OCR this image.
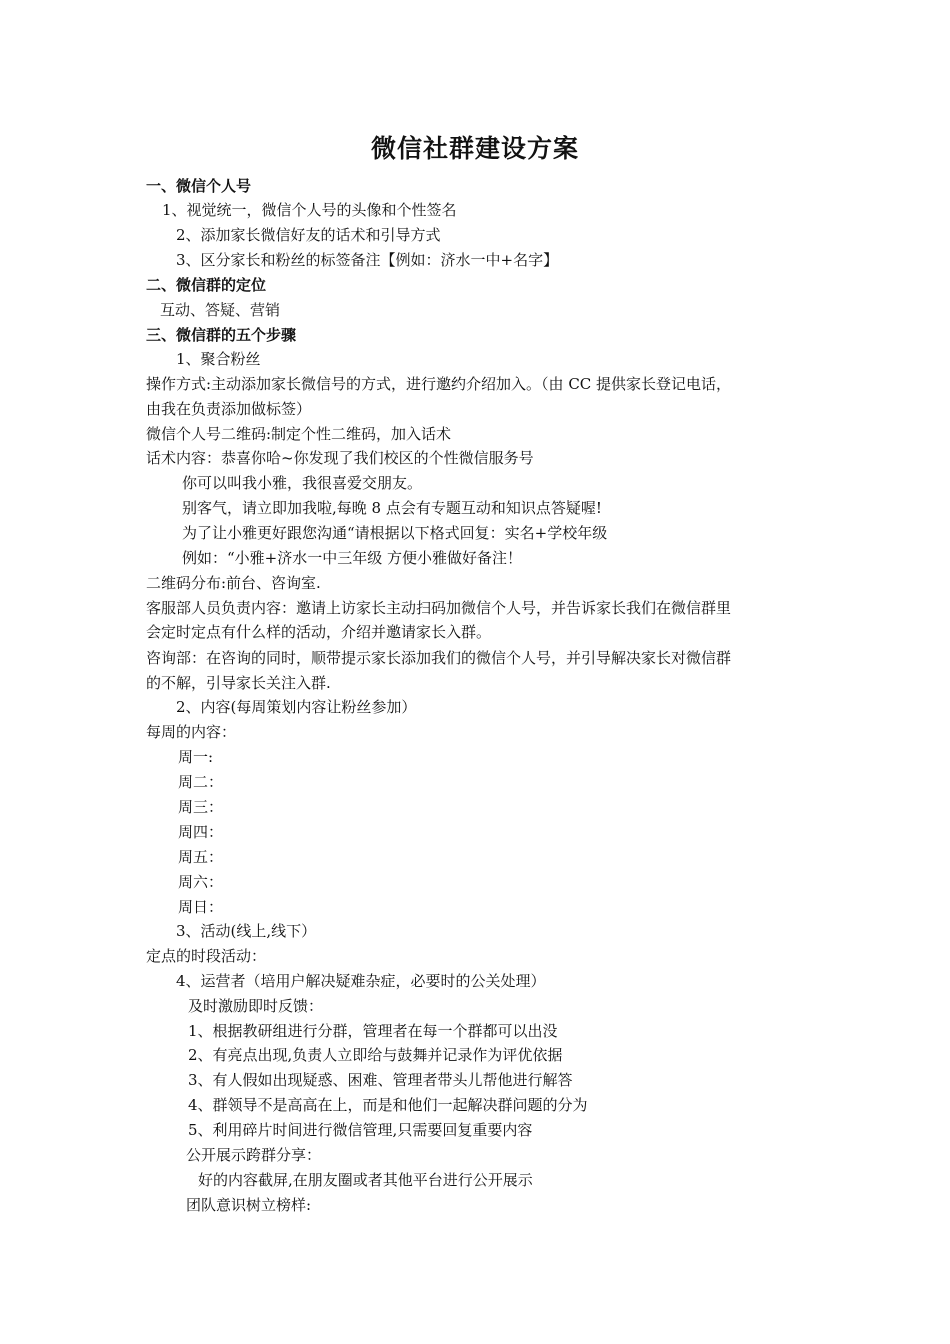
微信社群建设方案
一、微信个人号
1、视觉统一，微信个人号的头像和个性签名
2、添加家长微信好友的话术和引导方式
3、区分家长和粉丝的标签备注【例如：济水一中+名字】
二、微信群的定位
互动、答疑、营销
三、微信群的五个步骤
1、聚合粉丝
操作方式:主动添加家长微信号的方式，进行邀约介绍加入。（由 CC 提供家长登记电话，
由我在负责添加做标签）
微信个人号二维码:制定个性二维码，加入话术
话术内容：恭喜你哈~你发现了我们校区的个性微信服务号
你可以叫我小雅，我很喜爱交朋友。
别客气，请立即加我啦,每晚 8 点会有专题互动和知识点答疑喔!
为了让小雅更好跟您沟通“请根据以下格式回复：实名+学校年级
例如：“小雅+济水一中三年级 方便小雅做好备注！
二维码分布:前台、咨询室.
客服部人员负责内容：邀请上访家长主动扫码加微信个人号，并告诉家长我们在微信群里
会定时定点有什么样的活动，介绍并邀请家长入群。
咨询部：在咨询的同时，顺带提示家长添加我们的微信个人号，并引导解决家长对微信群
的不解，引导家长关注入群.
2、内容(每周策划内容让粉丝参加）
每周的内容：
周一:
周二：
周三：
周四：
周五：
周六：
周日：
3、活动(线上,线下）
定点的时段活动：
4、运营者（培用户解决疑难杂症，必要时的公关处理）
及时激励即时反馈：
1、根据教研组进行分群，管理者在每一个群都可以出没
2、有亮点出现,负责人立即给与鼓舞并记录作为评优依据
3、有人假如出现疑惑、困难、管理者带头儿帮他进行解答
4、群领导不是高高在上，而是和他们一起解决群问题的分为
5、利用碎片时间进行微信管理,只需要回复重要内容
公开展示跨群分享：
好的内容截屏,在朋友圈或者其他平台进行公开展示
团队意识树立榜样:
